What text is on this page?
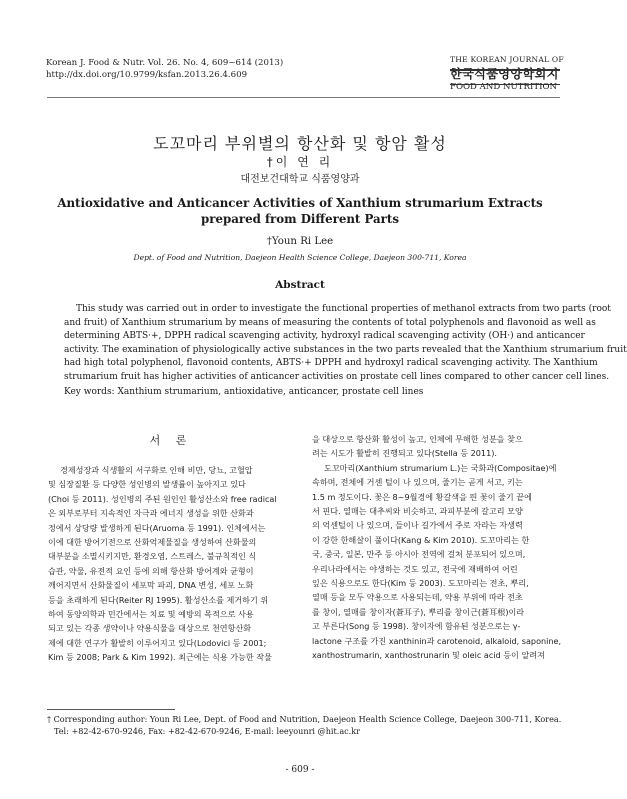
Korean J. Food & Nutr. Vol. 26. No. 4, 609~614 (2013)
http://dx.doi.org/10.9799/ksfan.2013.26.4.609
THE KOREAN JOURNAL OF
한국식품영양학회지
FOOD AND NUTRITION
도꼬마리 부위별의 항산화 및 항암 활성
†이 연 리
대전보건대학교 식품영양과
Antioxidative and Anticancer Activities of Xanthium strumarium Extracts
prepared from Different Parts
†Youn Ri Lee
Dept. of Food and Nutrition, Daejeon Health Science College, Daejeon 300-711, Korea
Abstract
This study was carried out in order to investigate the functional properties of methanol extracts from two parts (root
and fruit) of Xanthium strumarium by means of measuring the contents of total polyphenols and flavonoid as well as
determining ABTS·+, DPPH radical scavenging activity, hydroxyl radical scavenging activity (OH·) and anticancer
activity. The examination of physiologically active substances in the two parts revealed that the Xanthium strumarium fruit
had high total polyphenol, flavonoid contents, ABTS·+ DPPH and hydroxyl radical scavenging activity. The Xanthium
strumarium fruit has higher activities of anticancer activities on prostate cell lines compared to other cancer cell lines.
Key words: Xanthium strumarium, antioxidative, anticancer, prostate cell lines
서 론
경제성장과 식생활의 서구화로 인해 비만, 당뇨, 고혈압
및 심장질환 등 다양한 성인병의 발생률이 높아지고 있다
(Choi 등 2011). 성인병의 주된 원인인 활성산소와 free radical
은 외부로부터 지속적인 자극과 에너지 생성을 위한 산화과
정에서 상당량 발생하게 된다(Aruoma 등 1991). 인체에서는
이에 대한 방어기전으로 산화억제물질을 생성하여 산화물의
대부분을 소멸시키지만, 환경오염, 스트레스, 불규칙적인 식
습관, 약물, 유전적 요인 등에 의해 항산화 방어계와 균형이
깨어지면서 산화물질이 세포막 파괴, DNA 변성, 세포 노화
등을 초래하게 된다(Reiter RJ 1995). 활성산소를 제거하기 위
하여 동양의학과 민간에서는 치료 및 예방의 목적으로 사용
되고 있는 각종 생약이나 약용식물을 대상으로 천연항산화
제에 대한 연구가 활발히 이루어지고 있다(Lodovici 등 2001;
Kim 등 2008; Park & Kim 1992). 최근에는 식용 가능한 작물
을 대상으로 항산화 활성이 높고, 인체에 무해한 성분을 찾으
려는 시도가 활발히 진행되고 있다(Stella 등 2011).
도꼬마리(Xanthium strumarium L.)는 국화과(Compositae)에
속하며, 전체에 거센 털이 나 있으며, 줄기는 곧게 서고, 키는
1.5 m 정도이다. 꽃은 8~9월경에 황갈색을 띈 꽃이 줄기 끝에
서 핀다. 열매는 대추씨와 비슷하고, 과피부분에 갈고리 모양
의 억센털이 나 있으며, 들이나 길가에서 주로 자라는 자생력
이 강한 한해살이 풀이다(Kang & Kim 2010). 도꼬마리는 한
국, 중국, 일본, 만주 등 아시아 전역에 걸쳐 분포되어 있으며,
우리나라에서는 야생하는 것도 있고, 전국에 재배하여 어린
잎은 식용으로도 한다(Kim 등 2003). 도꼬마리는 전초, 뿌리,
열매 등을 모두 약용으로 사용되는데, 약용 부위에 따라 전초
를 창이, 열매를 창이자(蒼耳子), 뿌리를 창이근(蒼耳根)이라
고 부른다(Song 등 1998). 창이자에 함유된 성분으로는 γ-
lactone 구조를 가진 xanthinin과 carotenoid, alkaloid, saponine,
xanthostrumarin, xanthostrunarin 및 oleic acid 등이 알려져
† Corresponding author: Youn Ri Lee, Dept. of Food and Nutrition, Daejeon Health Science College, Daejeon 300-711, Korea.
Tel: +82-42-670-9246, Fax: +82-42-670-9246, E-mail: leeyounri @hit.ac.kr
- 609 -
